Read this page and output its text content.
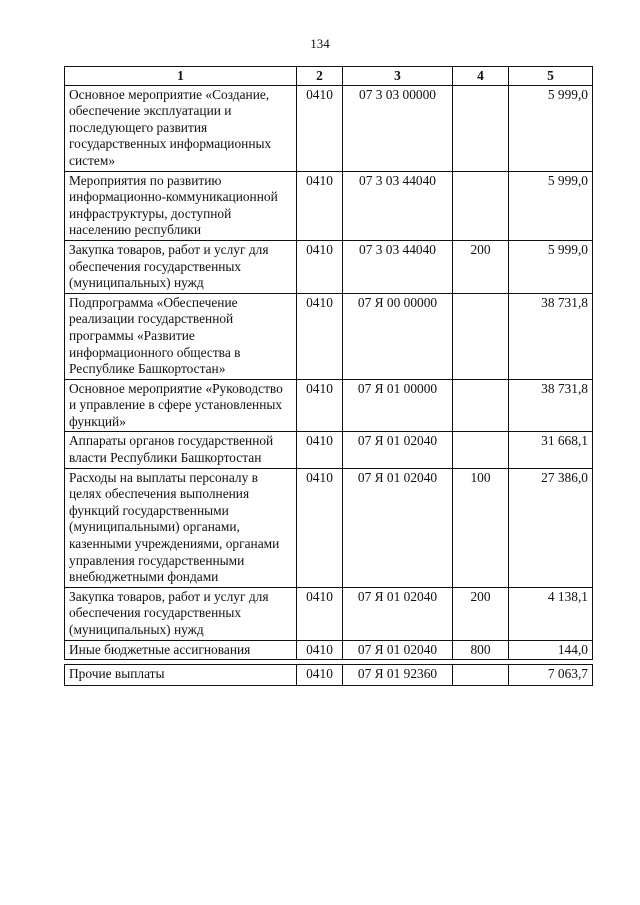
134
1	2	3	4	5
Основное мероприятие «Создание, обеспечение эксплуатации и последующего развития государственных информационных систем»	0410	07 3 03 00000		5 999,0
Мероприятия по развитию информационно-коммуникационной инфраструктуры, доступной населению республики	0410	07 3 03 44040		5 999,0
Закупка товаров, работ и услуг для обеспечения государственных (муниципальных) нужд	0410	07 3 03 44040	200	5 999,0
Подпрограмма «Обеспечение реализации государственной программы «Развитие информационного общества в Республике Башкортостан»	0410	07 Я 00 00000		38 731,8
Основное мероприятие «Руководство и управление в сфере установленных функций»	0410	07 Я 01 00000		38 731,8
Аппараты органов государственной власти Республики Башкортостан	0410	07 Я 01 02040		31 668,1
Расходы на выплаты персоналу в целях обеспечения выполнения функций государственными (муниципальными) органами, казенными учреждениями, органами управления государственными внебюджетными фондами	0410	07 Я 01 02040	100	27 386,0
Закупка товаров, работ и услуг для обеспечения государственных (муниципальных) нужд	0410	07 Я 01 02040	200	4 138,1
Иные бюджетные ассигнования	0410	07 Я 01 02040	800	144,0

Прочие выплаты	0410	07 Я 01 92360		7 063,7
